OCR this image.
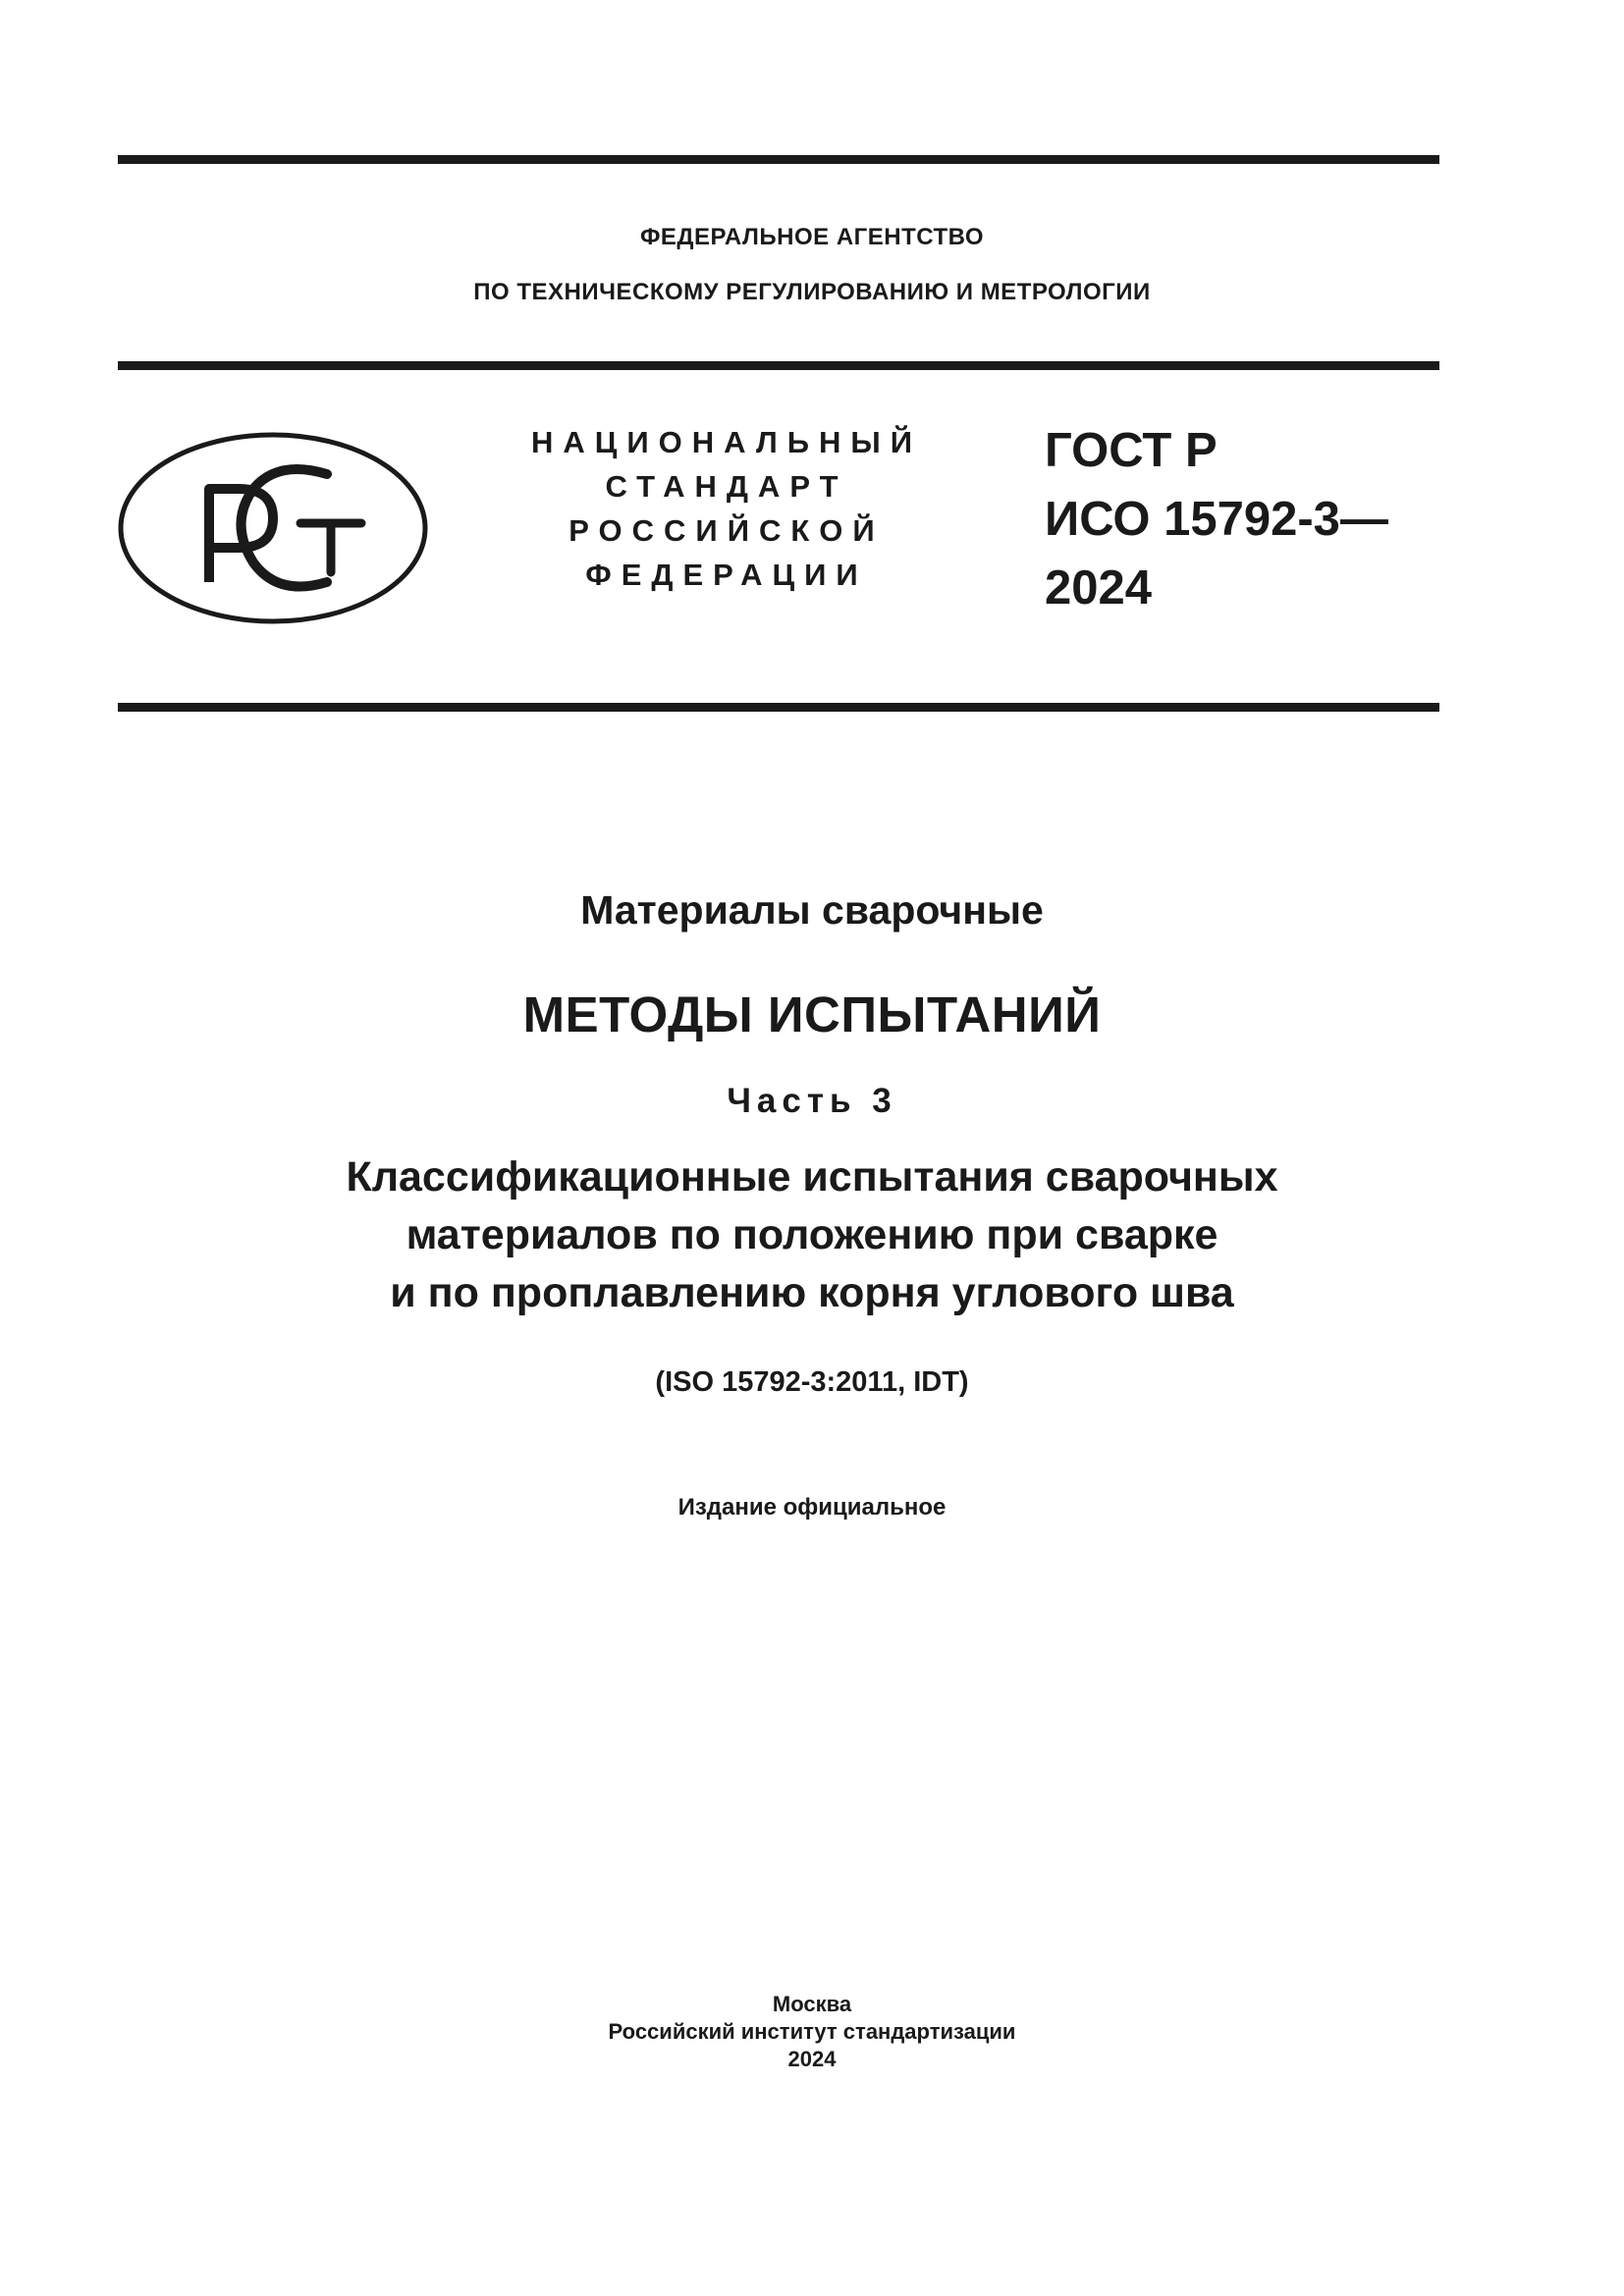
ФЕДЕРАЛЬНОЕ АГЕНТСТВО
ПО ТЕХНИЧЕСКОМУ РЕГУЛИРОВАНИЮ И МЕТРОЛОГИИ
НАЦИОНАЛЬНЫЙ
СТАНДАРТ
РОССИЙСКОЙ
ФЕДЕРАЦИИ
ГОСТ Р
ИСО 15792-3—
2024
Материалы сварочные
МЕТОДЫ ИСПЫТАНИЙ
Часть 3
Классификационные испытания сварочных
материалов по положению при сварке
и по проплавлению корня углового шва
(ISO 15792-3:2011, IDT)
Издание официальное
Москва
Российский институт стандартизации
2024
